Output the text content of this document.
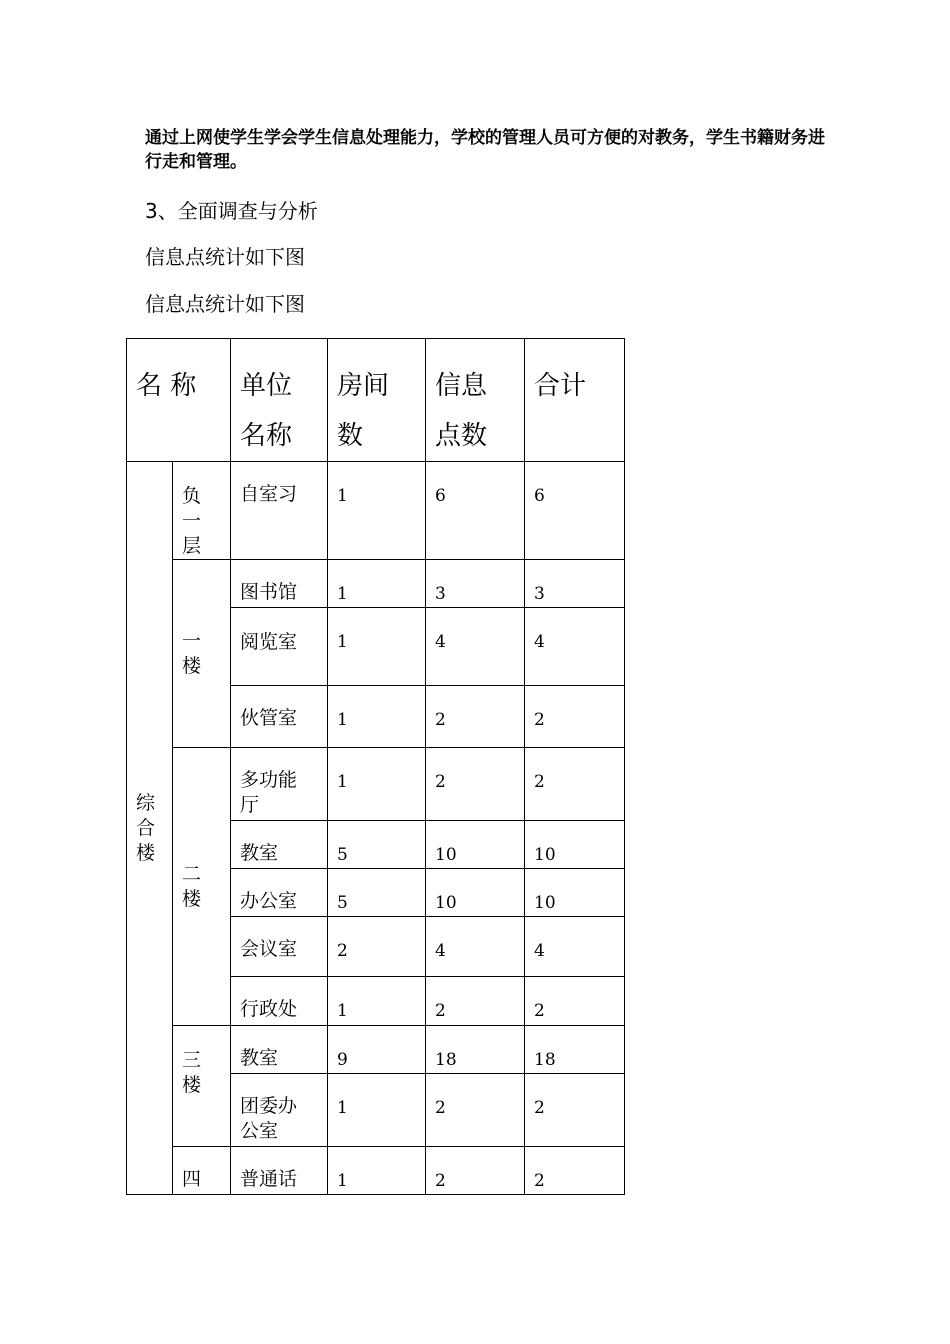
通过上网使学生学会学生信息处理能力，学校的管理人员可方便的对教务，学生书籍财务进行走和管理。
3、全面调查与分析
信息点统计如下图
信息点统计如下图
名 称		单位名称	房间数	信息点数	合计

综合楼	负一层	自室习	1	6	6

	一楼	图书馆	1	3	3

		阅览室	1	4	4

		伙管室	1	2	2

	二楼	多功能厅	1	2	2

		教室	5	10	10

		办公室	5	10	10

		会议室	2	4	4

		行政处	1	2	2

	三楼	教室	9	18	18

		团委办公室	1	2	2

	四	普通话	1	2	2
